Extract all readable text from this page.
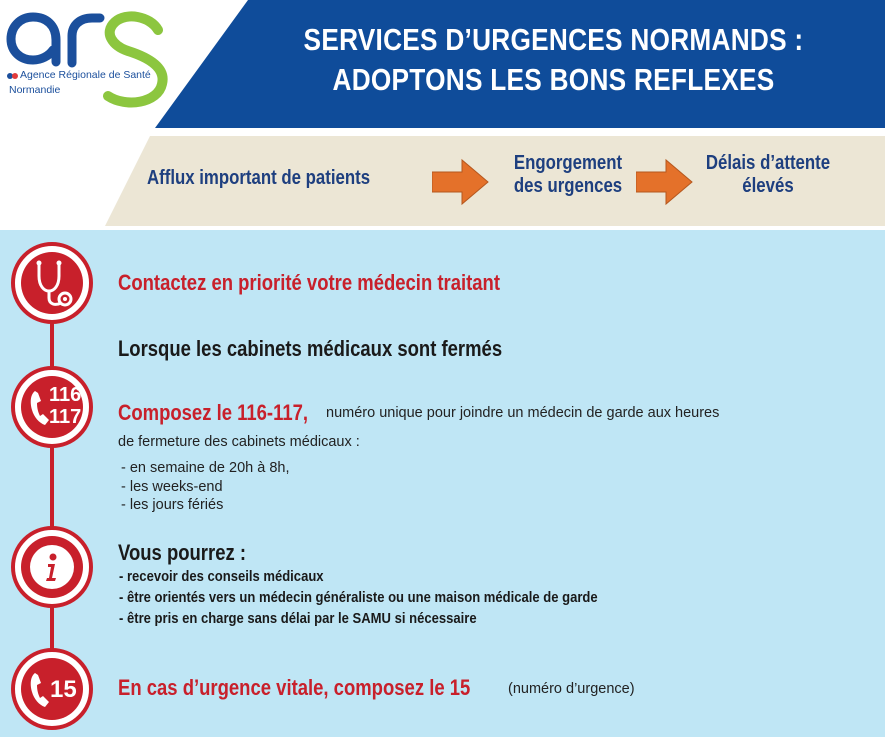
SERVICES D’URGENCES NORMANDS :
ADOPTONS LES BONS REFLEXES
Agence Régionale de Santé
Normandie
Afflux important de patients
Engorgement
des urgences
Délais d’attente
élevés
Contactez en priorité votre médecin traitant
Lorsque les cabinets médicaux sont fermés
116
117 Composez le 116-117,	numéro unique pour joindre un médecin de garde aux heures
de fermeture des cabinets médicaux :
- en semaine de 20h à 8h,
- les weeks-end
- les jours fériés
Vous pourrez :
- recevoir des conseils médicaux
- être orientés vers un médecin généraliste ou une maison médicale de garde
- être pris en charge sans délai par le SAMU si nécessaire
15 En cas d’urgence vitale, composez le 15	(numéro d’urgence)
